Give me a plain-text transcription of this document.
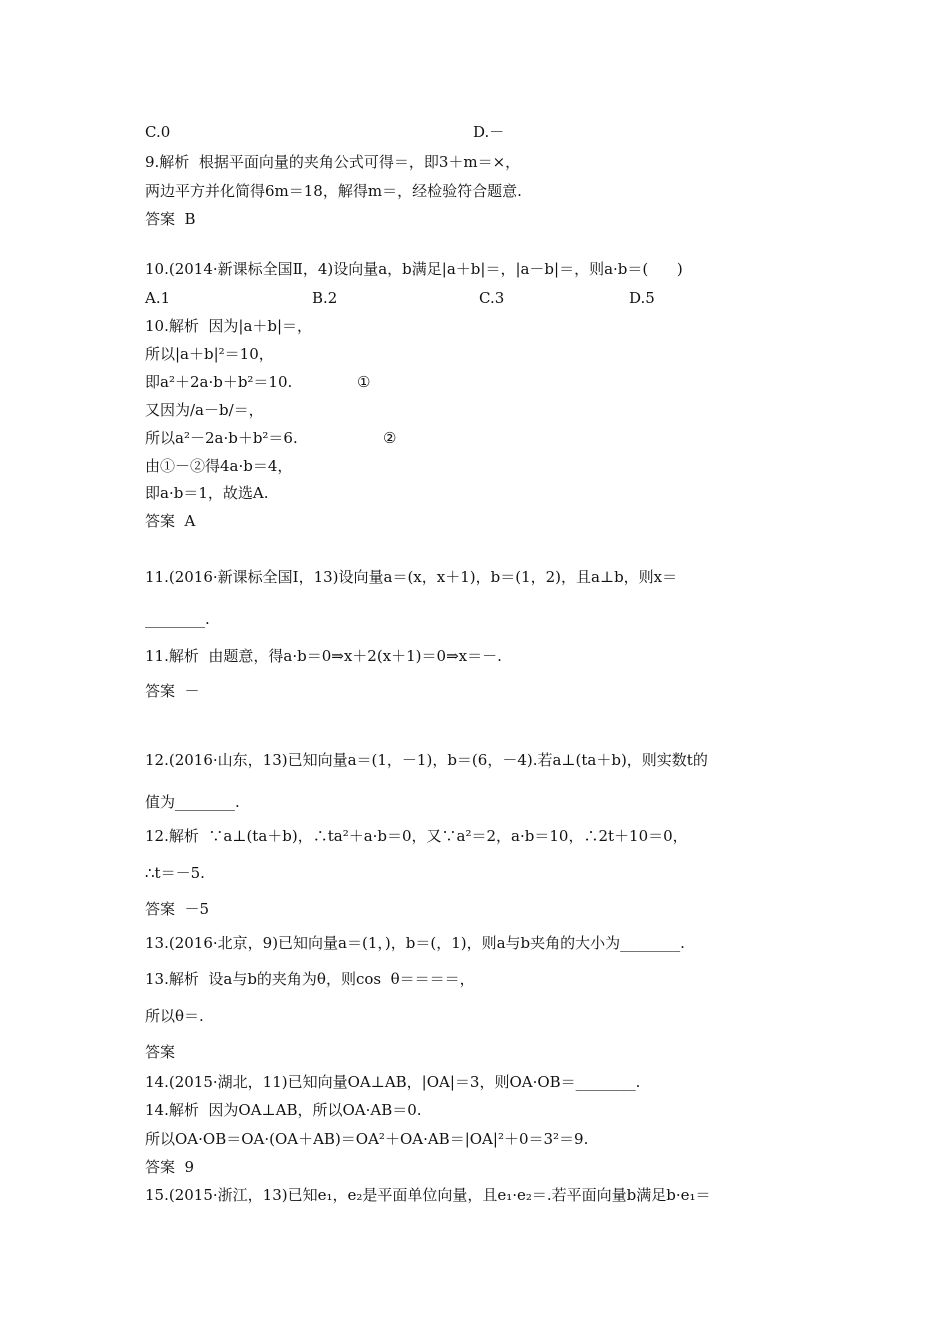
C.0	D.－
9.解析  根据平面向量的夹角公式可得＝，即3＋m＝×，
两边平方并化简得6m＝18，解得m＝，经检验符合题意.
答案  B
10.(2014·新课标全国Ⅱ，4)设向量a，b满足|a＋b|＝，|a－b|＝，则a·b＝(      )
A.1	B.2	C.3	D.5
10.解析  因为|a＋b|＝，
所以|a＋b|²＝10，
即a²＋2a·b＋b²＝10.	①
又因为/a－b/＝，
所以a²－2a·b＋b²＝6.	②
由①－②得4a·b＝4，
即a·b＝1，故选A.
答案  A
11.(2016·新课标全国Ⅰ，13)设向量a＝(x，x＋1)，b＝(1，2)，且a⊥b，则x＝
________.
11.解析  由题意，得a·b＝0⇒x＋2(x＋1)＝0⇒x＝－.
答案  －
12.(2016·山东，13)已知向量a＝(1，－1)，b＝(6，－4).若a⊥(ta＋b)，则实数t的
值为________.
12.解析  ∵a⊥(ta＋b)，∴ta²＋a·b＝0，又∵a²＝2，a·b＝10，∴2t＋10＝0，
∴t＝－5.
答案  －5
13.(2016·北京，9)已知向量a＝(1，)，b＝(，1)，则a与b夹角的大小为________.
13.解析  设a与b的夹角为θ，则cos  θ＝＝＝＝，
所以θ＝.
答案
14.(2015·湖北，11)已知向量OA⊥AB，|OA|＝3，则OA·OB＝________.
14.解析  因为OA⊥AB，所以OA·AB＝0.
所以OA·OB＝OA·(OA＋AB)＝OA²＋OA·AB＝|OA|²＋0＝3²＝9.
答案  9
15.(2015·浙江，13)已知e₁，e₂是平面单位向量，且e₁·e₂＝.若平面向量b满足b·e₁＝
